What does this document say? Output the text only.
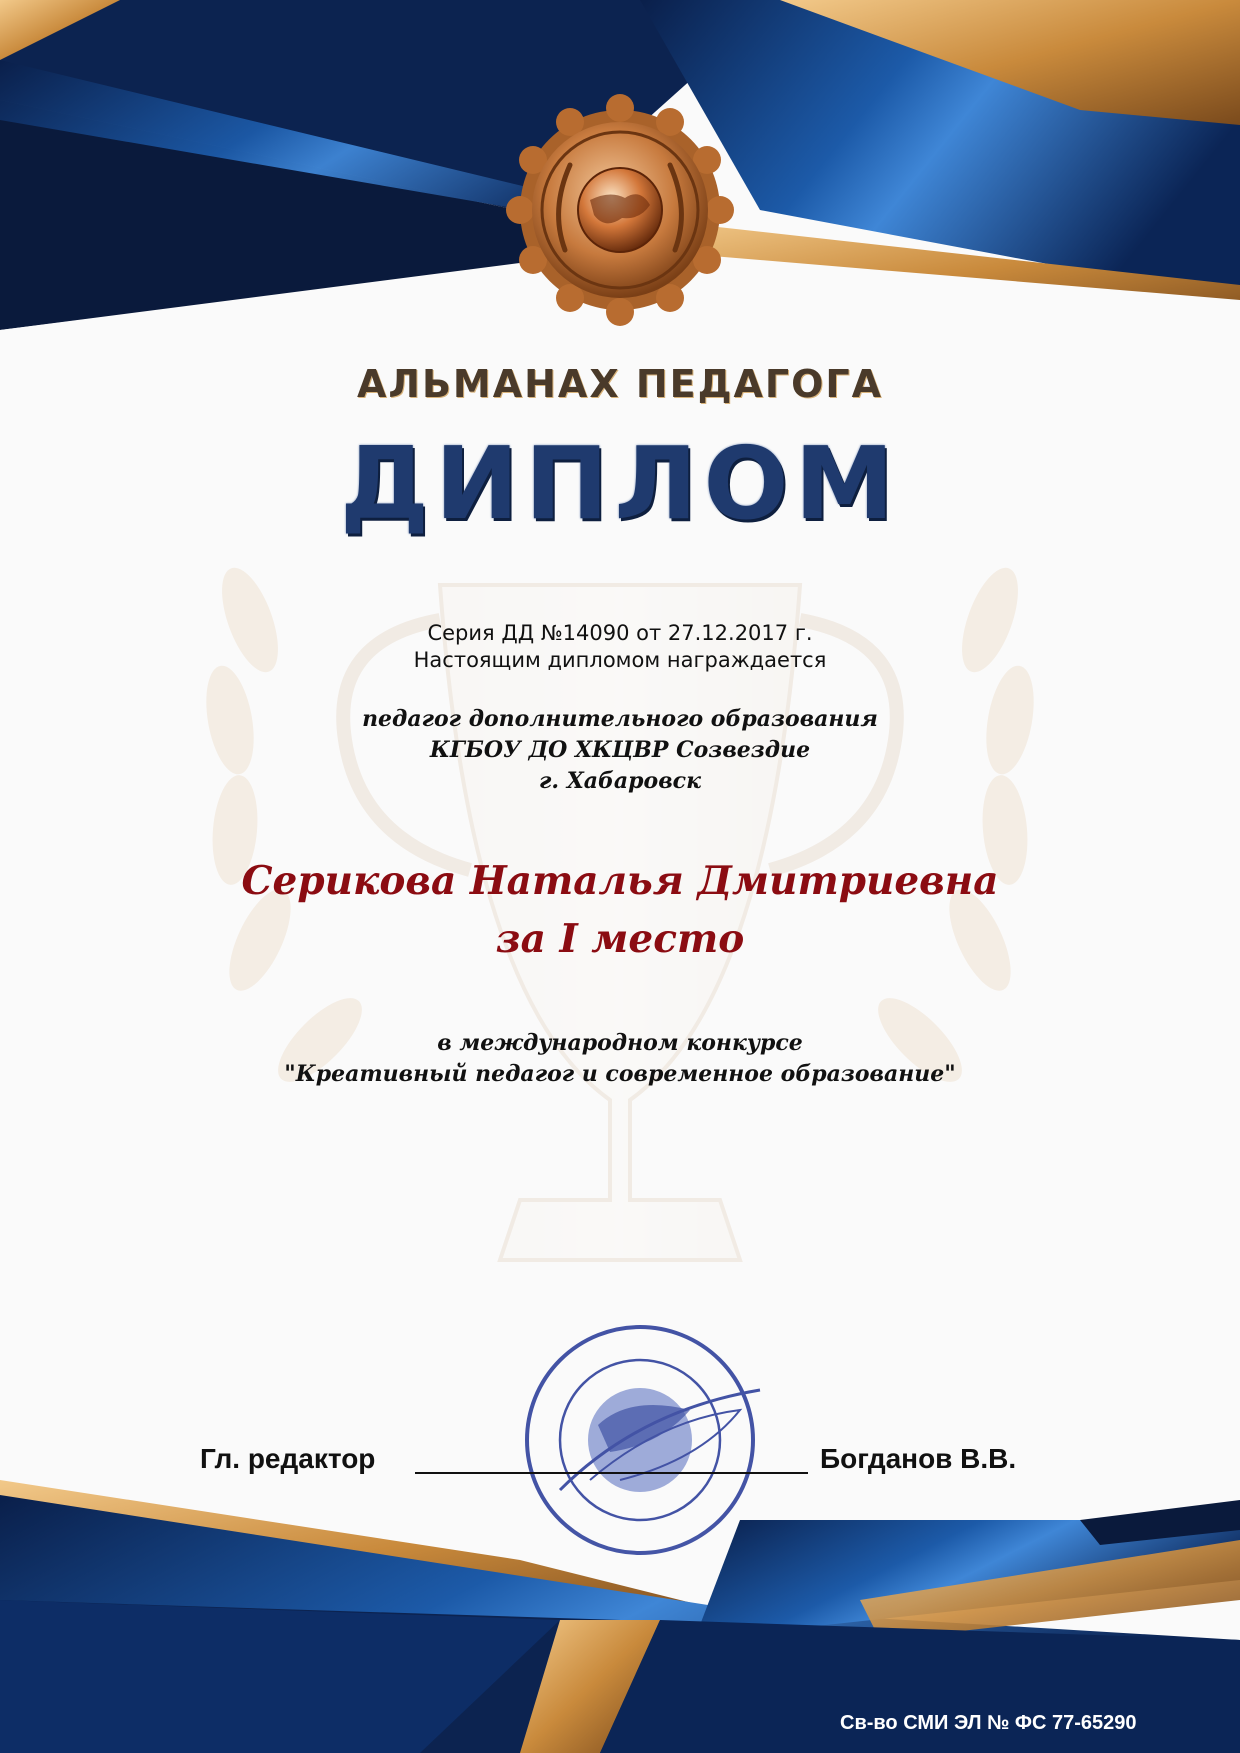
АЛЬМАНАХ ПЕДАГОГА
ДИПЛОМ
Серия ДД №14090 от 27.12.2017 г.
Настоящим дипломом награждается
педагог дополнительного образования
КГБОУ ДО ХКЦВР Созвездие
г. Хабаровск
Серикова Наталья Дмитриевна
за I место
в международном конкурсе
"Креативный педагог и современное образование"
Гл. редактор	Богданов В.В.
Св-во СМИ ЭЛ № ФС 77-65290
